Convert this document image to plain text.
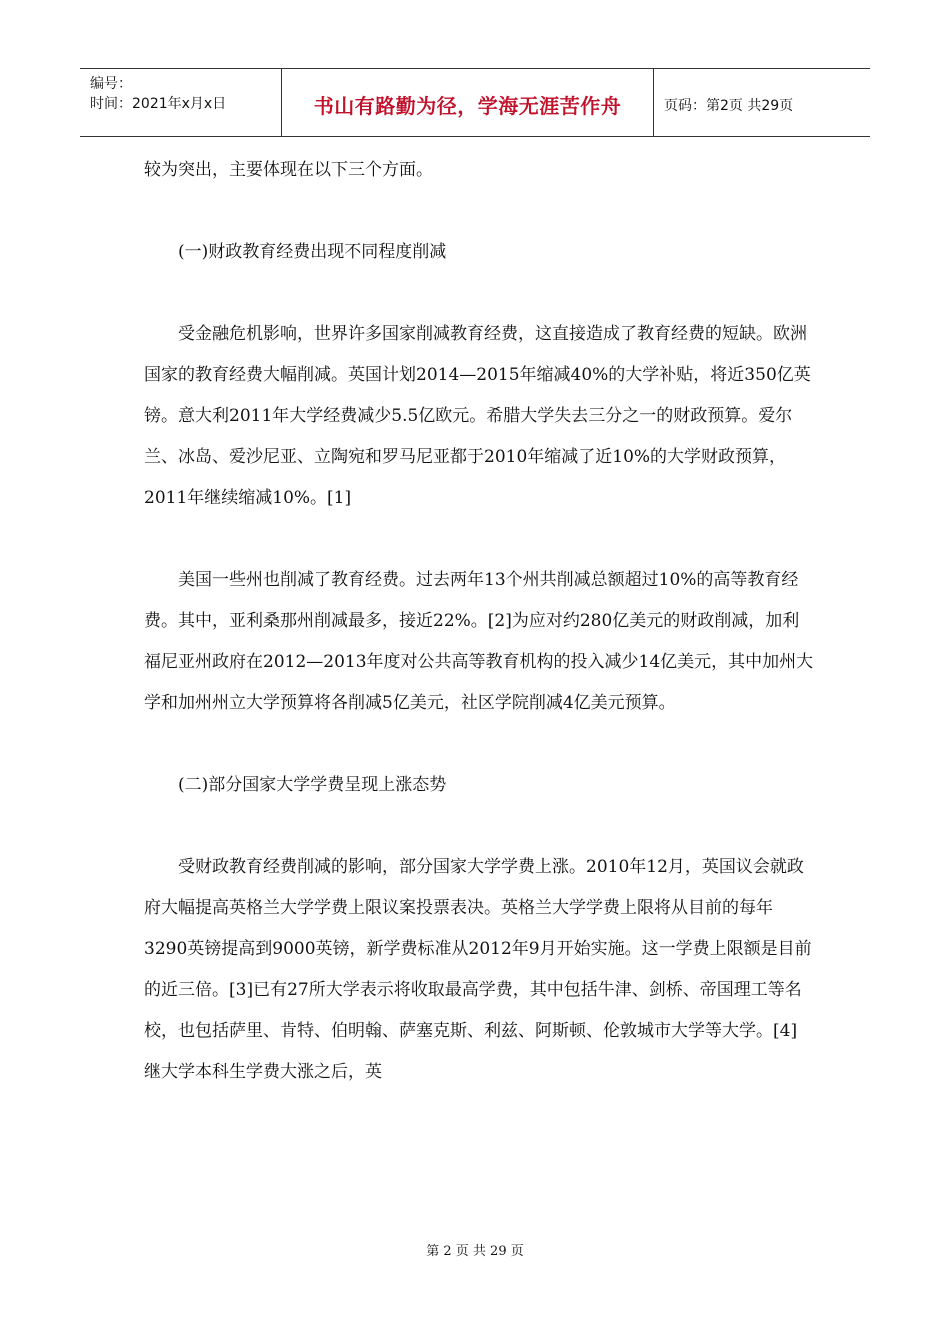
编号：
时间：2021年x月x日	书山有路勤为径，学海无涯苦作舟	页码：第2页 共29页

较为突出，主要体现在以下三个方面。

(一)财政教育经费出现不同程度削减

受金融危机影响，世界许多国家削减教育经费，这直接造成了教育经费的短缺。欧洲国家的教育经费大幅削减。英国计划2014—2015年缩减40%的大学补贴，将近350亿英镑。意大利2011年大学经费减少5.5亿欧元。希腊大学失去三分之一的财政预算。爱尔兰、冰岛、爱沙尼亚、立陶宛和罗马尼亚都于2010年缩减了近10%的大学财政预算，2011年继续缩减10%。[1]

美国一些州也削减了教育经费。过去两年13个州共削减总额超过10%的高等教育经费。其中，亚利桑那州削减最多，接近22%。[2]为应对约280亿美元的财政削减，加利福尼亚州政府在2012—2013年度对公共高等教育机构的投入减少14亿美元，其中加州大学和加州州立大学预算将各削减5亿美元，社区学院削减4亿美元预算。

(二)部分国家大学学费呈现上涨态势

受财政教育经费削减的影响，部分国家大学学费上涨。2010年12月，英国议会就政府大幅提高英格兰大学学费上限议案投票表决。英格兰大学学费上限将从目前的每年3290英镑提高到9000英镑，新学费标准从2012年9月开始实施。这一学费上限额是目前的近三倍。[3]已有27所大学表示将收取最高学费，其中包括牛津、剑桥、帝国理工等名校，也包括萨里、肯特、伯明翰、萨塞克斯、利兹、阿斯顿、伦敦城市大学等大学。[4]继大学本科生学费大涨之后，英

第 2 页 共 29 页
